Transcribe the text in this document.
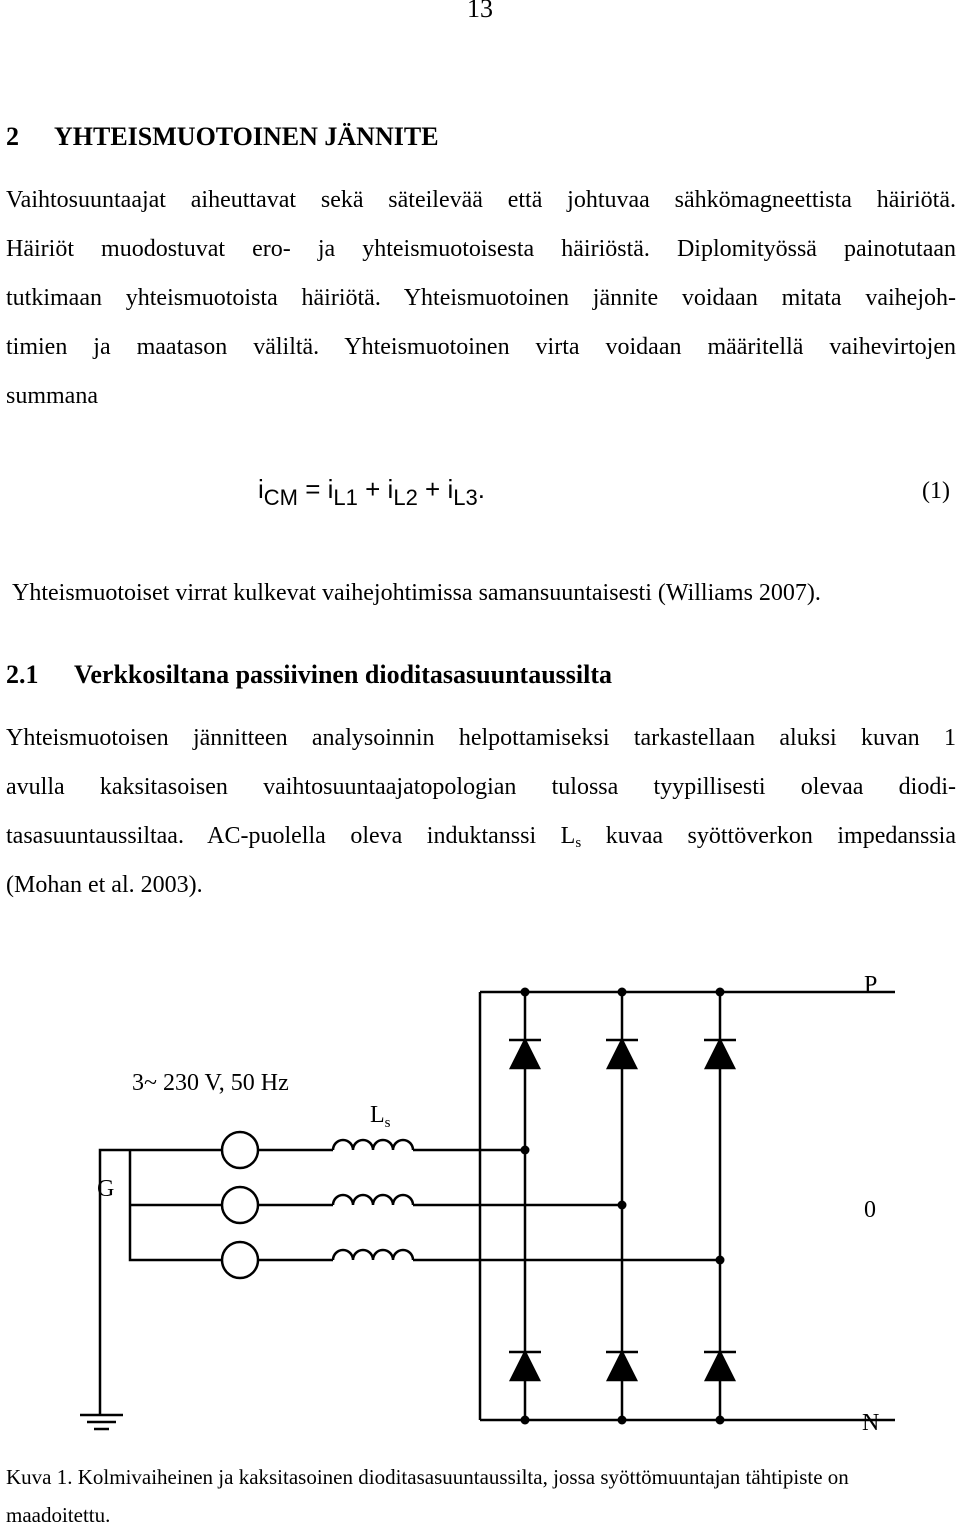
13
2 YHTEISMUOTOINEN JÄNNITE
Vaihtosuuntaajat aiheuttavat sekä säteilevää että johtuvaa sähkömagneettista häiriötä.
Häiriöt muodostuvat ero- ja yhteismuotoisesta häiriöstä. Diplomityössä painotutaan
tutkimaan yhteismuotoista häiriötä. Yhteismuotoinen jännite voidaan mitata vaihejoh-
timien ja maatason väliltä. Yhteismuotoinen virta voidaan määritellä vaihevirtojen
summana
$i_{CM} = i_{L1} + i_{L2} + i_{L3}$.	(1)
Yhteismuotoiset virrat kulkevat vaihejohtimissa samansuuntaisesti (Williams 2007).
2.1 Verkkosiltana passiivinen dioditasasuuntaussilta
Yhteismuotoisen jännitteen analysoinnin helpottamiseksi tarkastellaan aluksi kuvan 1
avulla kaksitasoisen vaihtosuuntaajatopologian tulossa tyypillisesti olevaa diodi-
tasasuuntaussiltaa. AC-puolella oleva induktanssi $L_s$ kuvaa syöttöverkon impedanssia
(Mohan et al. 2003).
3~ 230 V, 50 Hz
$L_s$
G
P
0
N
Kuva 1. Kolmivaiheinen ja kaksitasoinen dioditasasuuntaussilta, jossa syöttömuuntajan tähtipiste on
maadoitettu.
